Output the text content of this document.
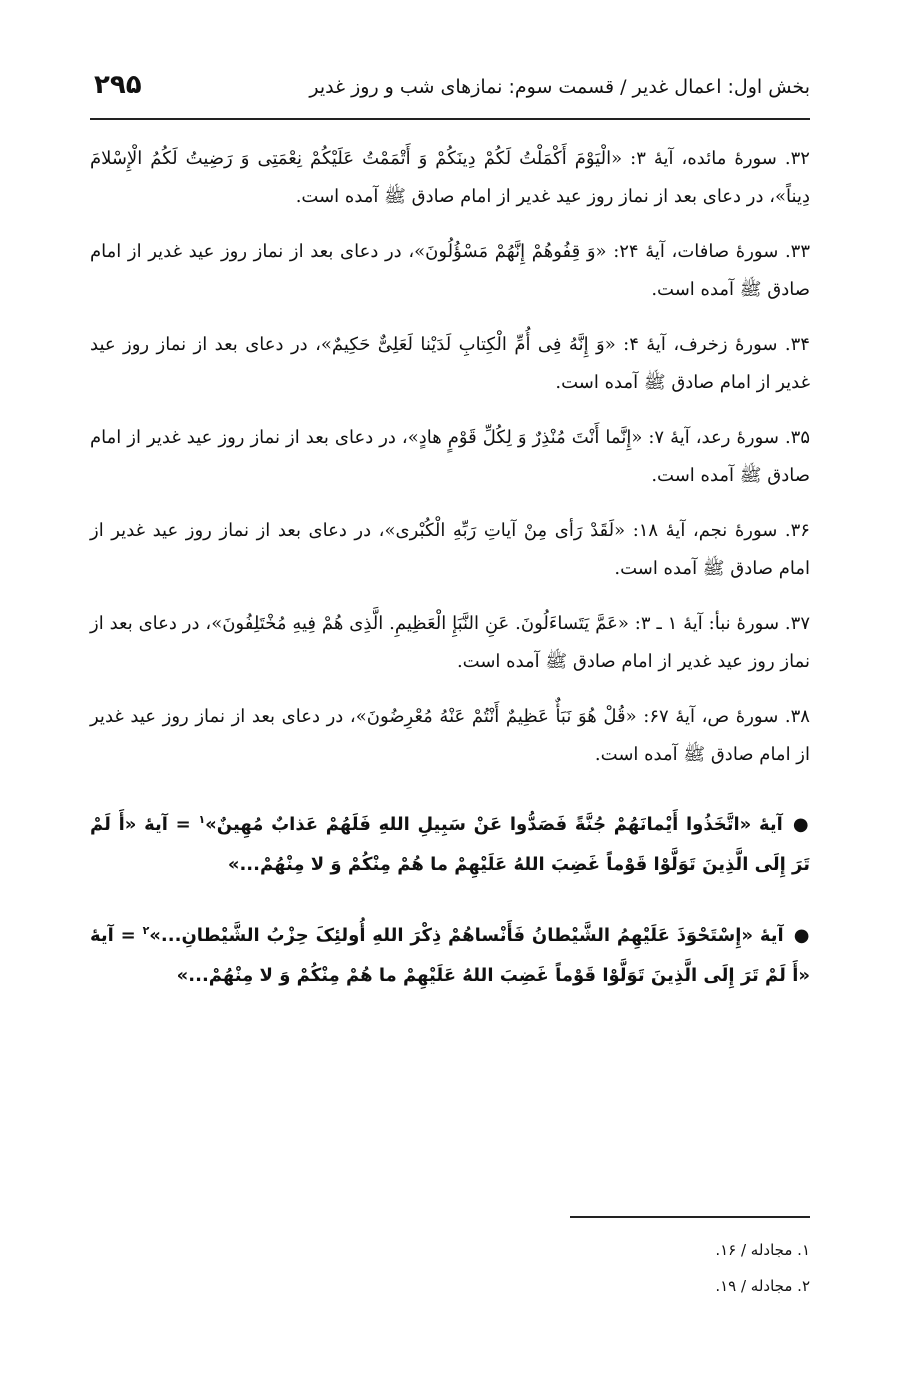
بخش اول: اعمال غدیر / قسمت سوم: نمازهای شب و روز غدیر
۲۹۵

۳۲. سورهٔ مائده، آیهٔ ۳: «الْیَوْمَ أَکْمَلْتُ لَکُمْ دِینَکُمْ وَ أَتْمَمْتُ عَلَیْکُمْ نِعْمَتِی وَ رَضِیتُ لَکُمُ الْإِسْلامَ دِیناً»، در دعای بعد از نماز روز عید غدیر از امام صادق ﷺ آمده است.

۳۳. سورهٔ صافات، آیهٔ ۲۴: «وَ قِفُوهُمْ إِنَّهُمْ مَسْؤُلُونَ»، در دعای بعد از نماز روز عید غدیر از امام صادق ﷺ آمده است.

۳۴. سورهٔ زخرف، آیهٔ ۴: «وَ إِنَّهُ فِی أُمِّ الْکِتابِ لَدَیْنا لَعَلِیٌّ حَکِیمٌ»، در دعای بعد از نماز روز عید غدیر از امام صادق ﷺ آمده است.

۳۵. سورهٔ رعد، آیهٔ ۷: «إِنَّما أَنْتَ مُنْذِرٌ وَ لِکُلِّ قَوْمٍ هادٍ»، در دعای بعد از نماز روز عید غدیر از امام صادق ﷺ آمده است.

۳۶. سورهٔ نجم، آیهٔ ۱۸: «لَقَدْ رَأى مِنْ آیاتِ رَبِّهِ الْکُبْرى»، در دعای بعد از نماز روز عید غدیر از امام صادق ﷺ آمده است.

۳۷. سورهٔ نبأ: آیهٔ ۱ ـ ۳: «عَمَّ یَتَساءَلُونَ. عَنِ النَّبَإِ الْعَظِیمِ. الَّذِی هُمْ فِیهِ مُخْتَلِفُونَ»، در دعای بعد از نماز روز عید غدیر از امام صادق ﷺ آمده است.

۳۸. سورهٔ ص، آیهٔ ۶۷: «قُلْ هُوَ نَبَأٌ عَظِیمٌ أَنْتُمْ عَنْهُ مُعْرِضُونَ»، در دعای بعد از نماز روز عید غدیر از امام صادق ﷺ آمده است.

●آیهٔ «اتَّخَذُوا أَیْمانَهُمْ جُنَّةً فَصَدُّوا عَنْ سَبِیلِ اللهِ فَلَهُمْ عَذابٌ مُهِینٌ»$^۱$ = آیهٔ «أَ لَمْ تَرَ إِلَى الَّذِینَ تَوَلَّوْا قَوْماً غَضِبَ اللهُ عَلَیْهِمْ ما هُمْ مِنْکُمْ وَ لا مِنْهُمْ...»

●آیهٔ «إِسْتَحْوَذَ عَلَیْهِمُ الشَّیْطانُ فَأَنْساهُمْ ذِکْرَ اللهِ أُولئِکَ حِزْبُ الشَّیْطانِ...»$^۲$ = آیهٔ «أَ لَمْ تَرَ إِلَى الَّذِینَ تَوَلَّوْا قَوْماً غَضِبَ اللهُ عَلَیْهِمْ ما هُمْ مِنْکُمْ وَ لا مِنْهُمْ...»

۱. مجادله / ۱۶.

۲. مجادله / ۱۹.
